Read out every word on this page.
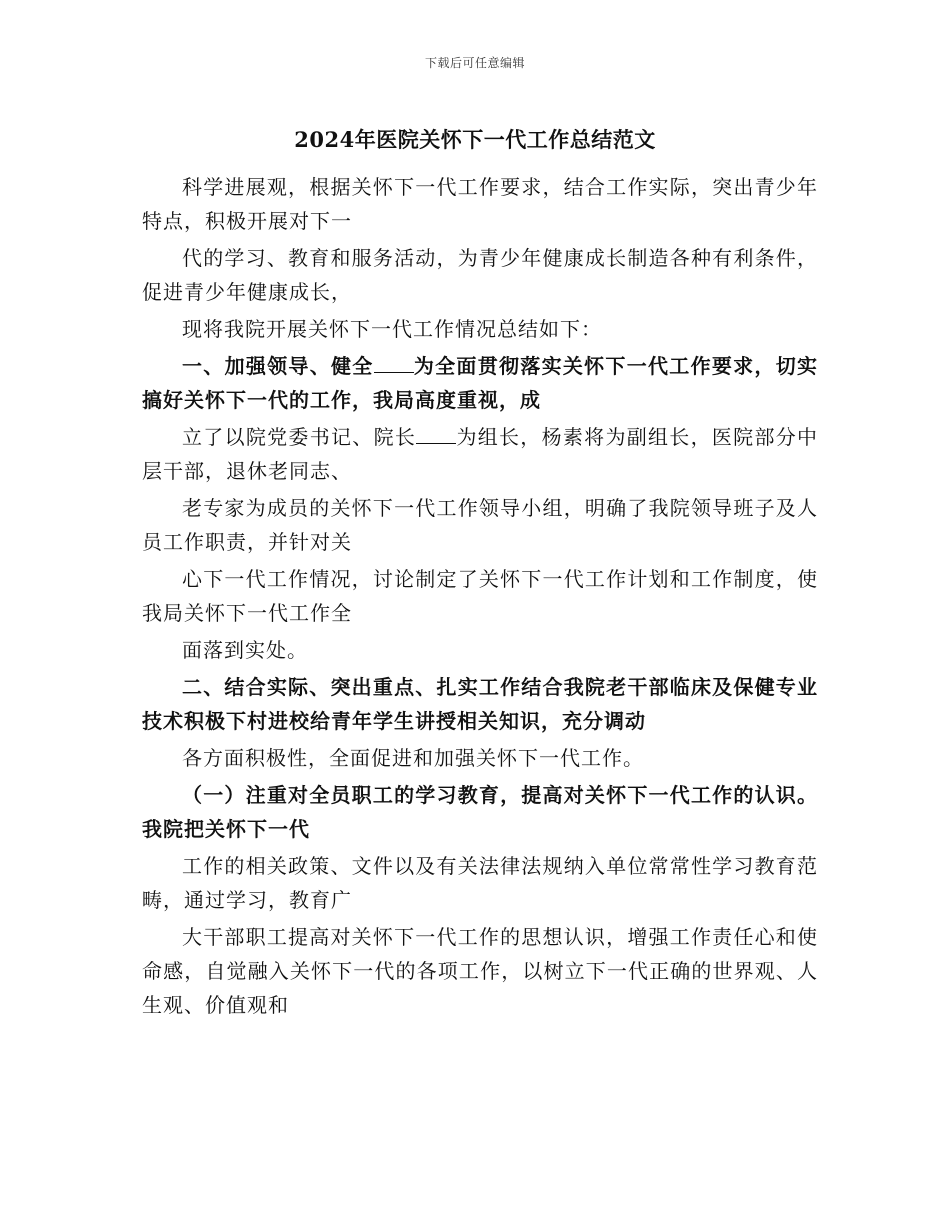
下载后可任意编辑
2024年医院关怀下一代工作总结范文

科学进展观，根据关怀下一代工作要求，结合工作实际，突出青少年特点，积极开展对下一

代的学习、教育和服务活动，为青少年健康成长制造各种有利条件，促进青少年健康成长，

现将我院开展关怀下一代工作情况总结如下：

一、加强领导、健全 为全面贯彻落实关怀下一代工作要求，切实搞好关怀下一代的工作，我局高度重视，成

立了以院党委书记、院长 为组长，杨素将为副组长，医院部分中层干部，退休老同志、

老专家为成员的关怀下一代工作领导小组，明确了我院领导班子及人员工作职责，并针对关

心下一代工作情况，讨论制定了关怀下一代工作计划和工作制度，使我局关怀下一代工作全

面落到实处。

二、结合实际、突出重点、扎实工作结合我院老干部临床及保健专业技术积极下村进校给青年学生讲授相关知识，充分调动

各方面积极性，全面促进和加强关怀下一代工作。

（一）注重对全员职工的学习教育，提高对关怀下一代工作的认识。我院把关怀下一代

工作的相关政策、文件以及有关法律法规纳入单位常常性学习教育范畴，通过学习，教育广

大干部职工提高对关怀下一代工作的思想认识，增强工作责任心和使命感，自觉融入关怀下一代的各项工作，以树立下一代正确的世界观、人生观、价值观和
